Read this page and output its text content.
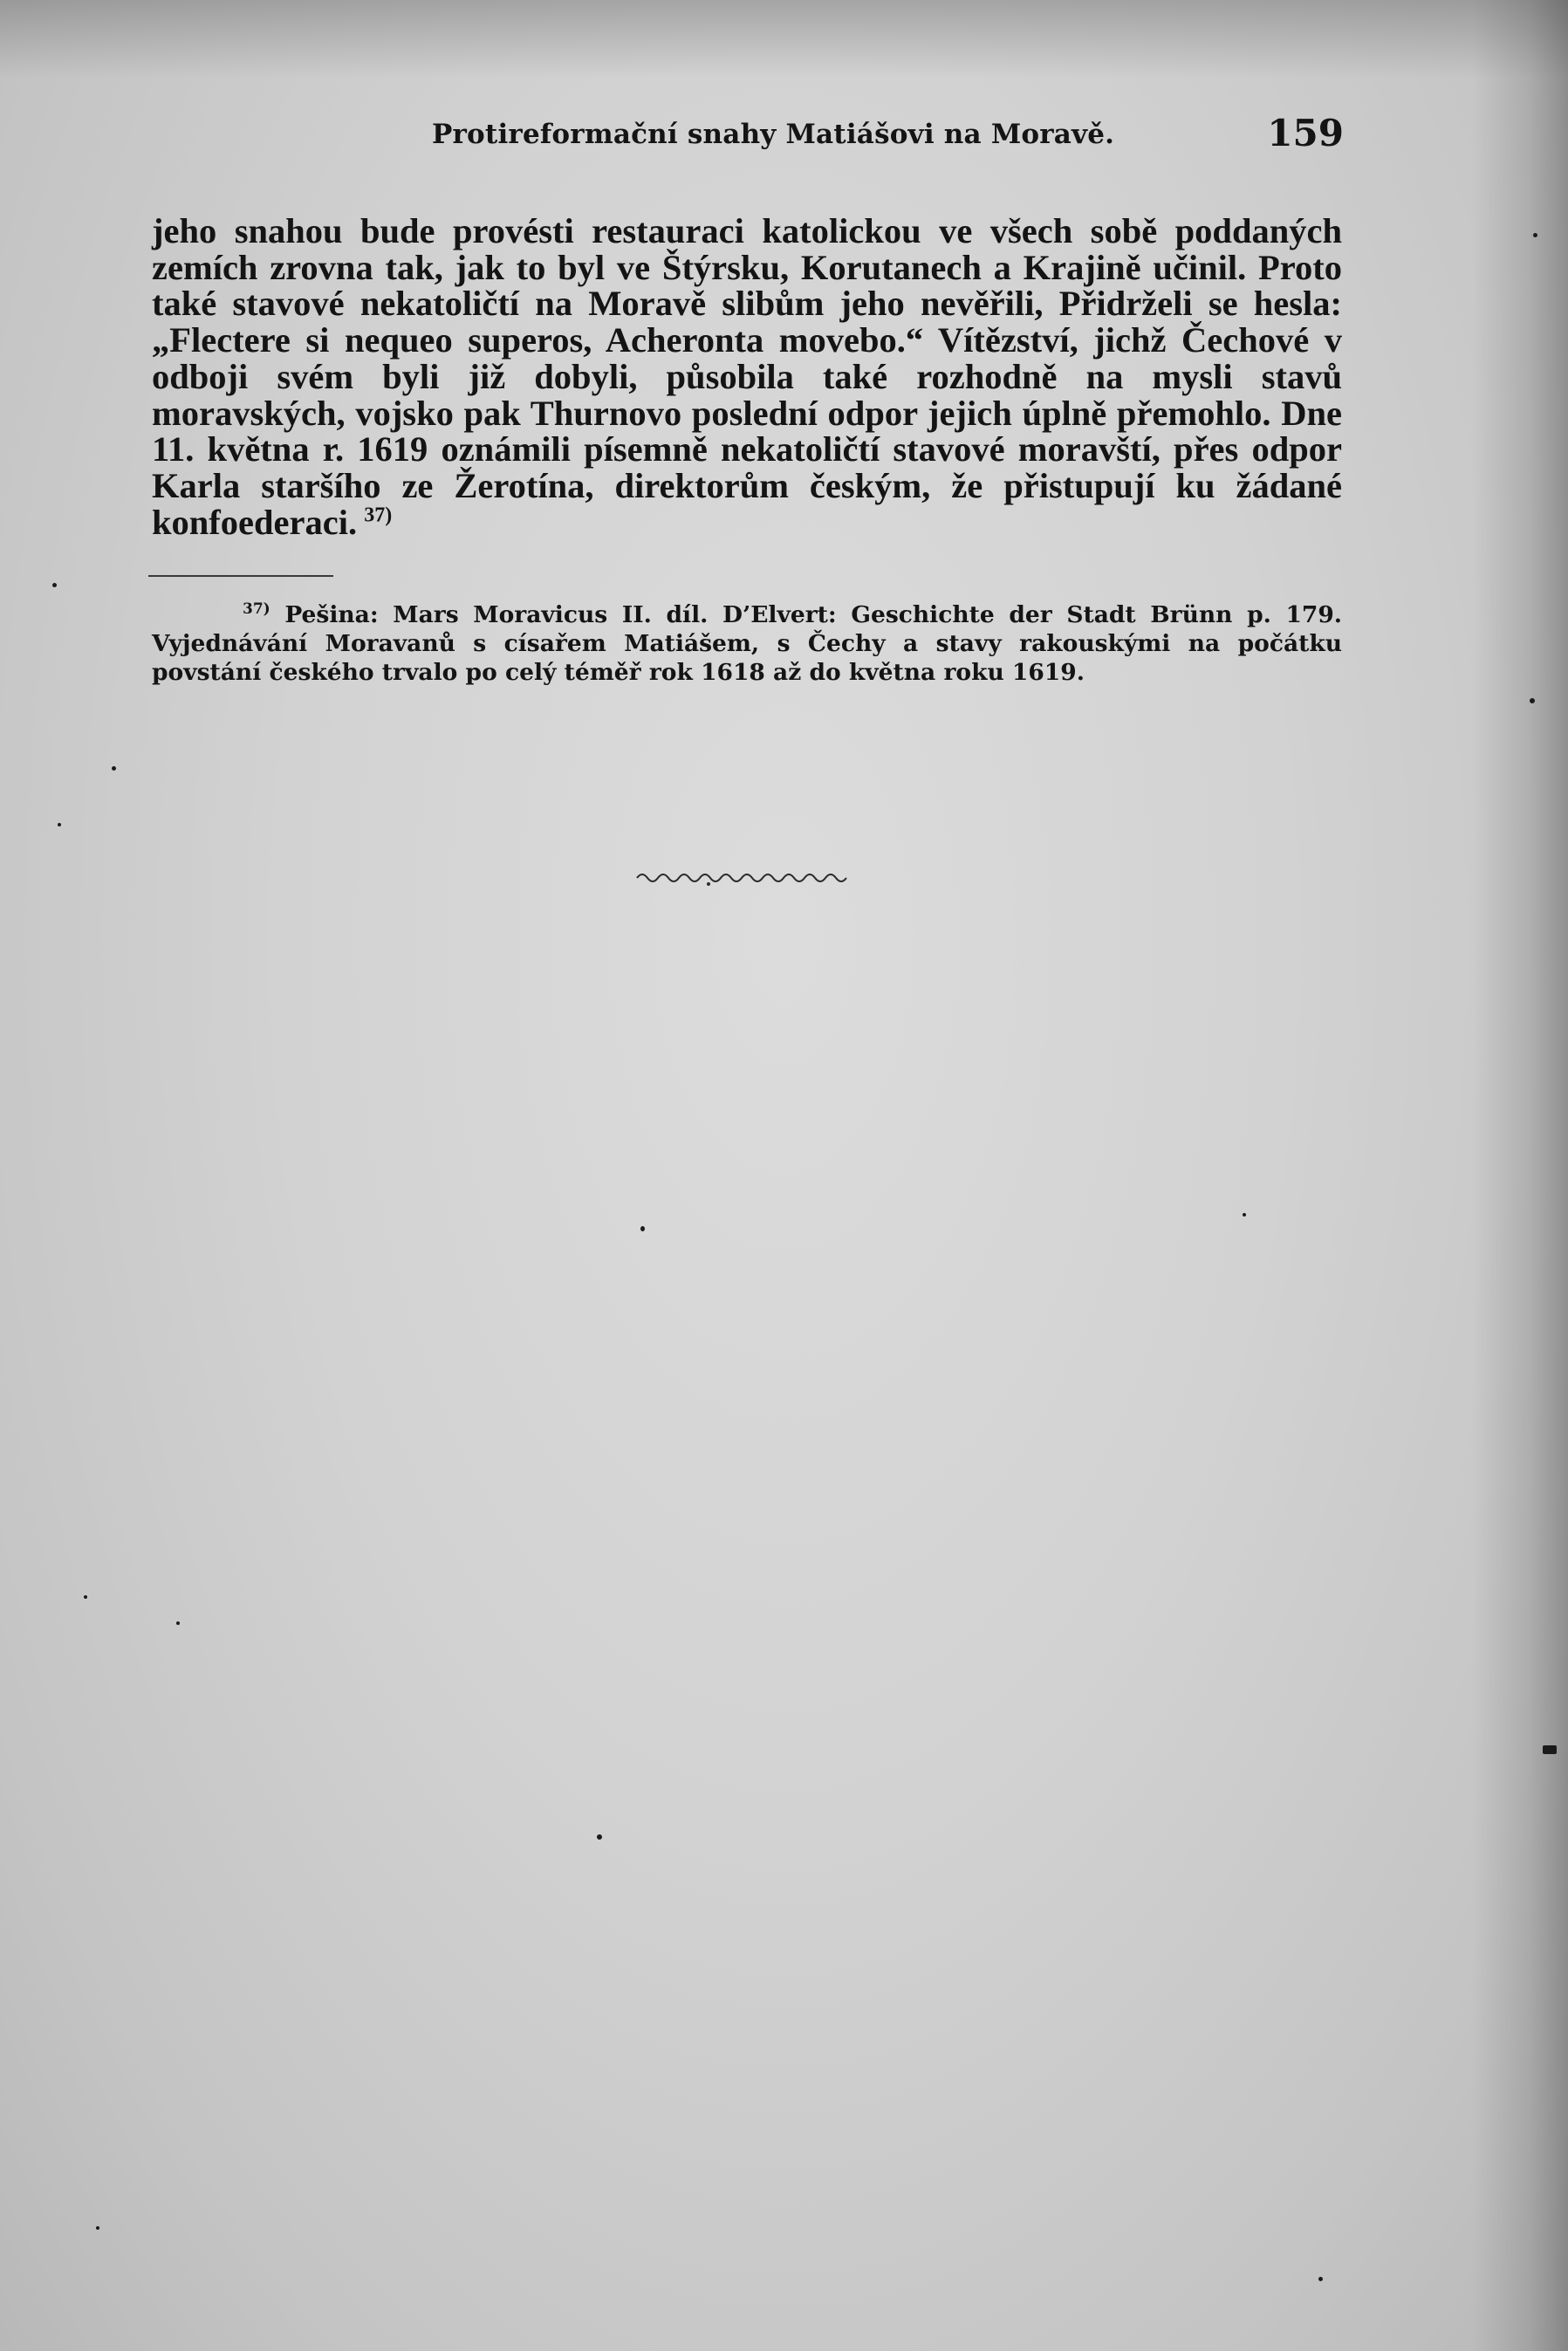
Protireformační snahy Matiášovi na Moravě.	159

jeho snahou bude provésti restauraci katolickou ve všech sobě poddaných zemích zrovna tak, jak to byl ve Štýrsku, Korutanech a Krajině učinil. Proto také stavové nekatoličtí na Moravě slibům jeho nevěřili, Přidrželi se hesla: „Flectere si nequeo superos, Acheronta movebo.“ Vítězství, jichž Čechové v odboji svém byli již dobyli, působila také rozhodně na mysli stavů moravských, vojsko pak Thurnovo poslední odpor jejich úplně přemohlo. Dne 11. května r. 1619 oznámili písemně nekatoličtí stavové moravští, přes odpor Karla staršího ze Žerotína, direktorům českým, že přistupují ku žádané konfoederaci.  $^{37)}$

$^{37)}$ Pešina: Mars Moravicus II. díl. D’Elvert: Geschichte der Stadt Brünn p. 179. Vyjednávání Moravanů s císařem Matiášem, s Čechy a stavy rakouskými na počátku povstání českého trvalo po celý téměř rok 1618 až do května roku 1619.
